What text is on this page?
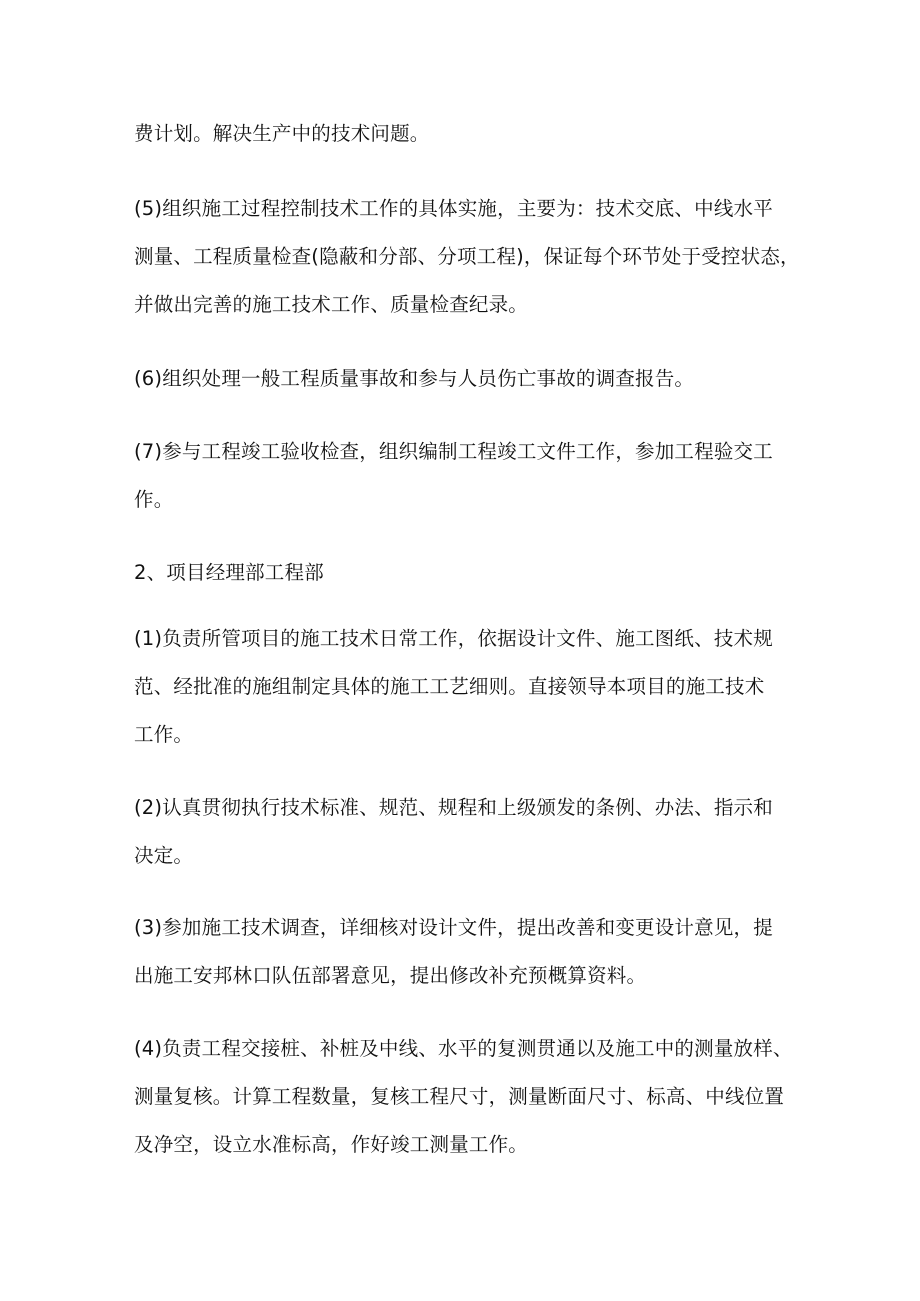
费计划。解决生产中的技术问题。
(5)组织施工过程控制技术工作的具体实施，主要为：技术交底、中线水平
测量、工程质量检查(隐蔽和分部、分项工程)，保证每个环节处于受控状态，
并做出完善的施工技术工作、质量检查纪录。
(6)组织处理一般工程质量事故和参与人员伤亡事故的调查报告。
(7)参与工程竣工验收检查，组织编制工程竣工文件工作，参加工程验交工
作。
2、项目经理部工程部
(1)负责所管项目的施工技术日常工作，依据设计文件、施工图纸、技术规
范、经批准的施组制定具体的施工工艺细则。直接领导本项目的施工技术
工作。
(2)认真贯彻执行技术标准、规范、规程和上级颁发的条例、办法、指示和
决定。
(3)参加施工技术调查，详细核对设计文件，提出改善和变更设计意见，提
出施工安邦林口队伍部署意见，提出修改补充预概算资料。
(4)负责工程交接桩、补桩及中线、水平的复测贯通以及施工中的测量放样、
测量复核。计算工程数量，复核工程尺寸，测量断面尺寸、标高、中线位置
及净空，设立水准标高，作好竣工测量工作。
